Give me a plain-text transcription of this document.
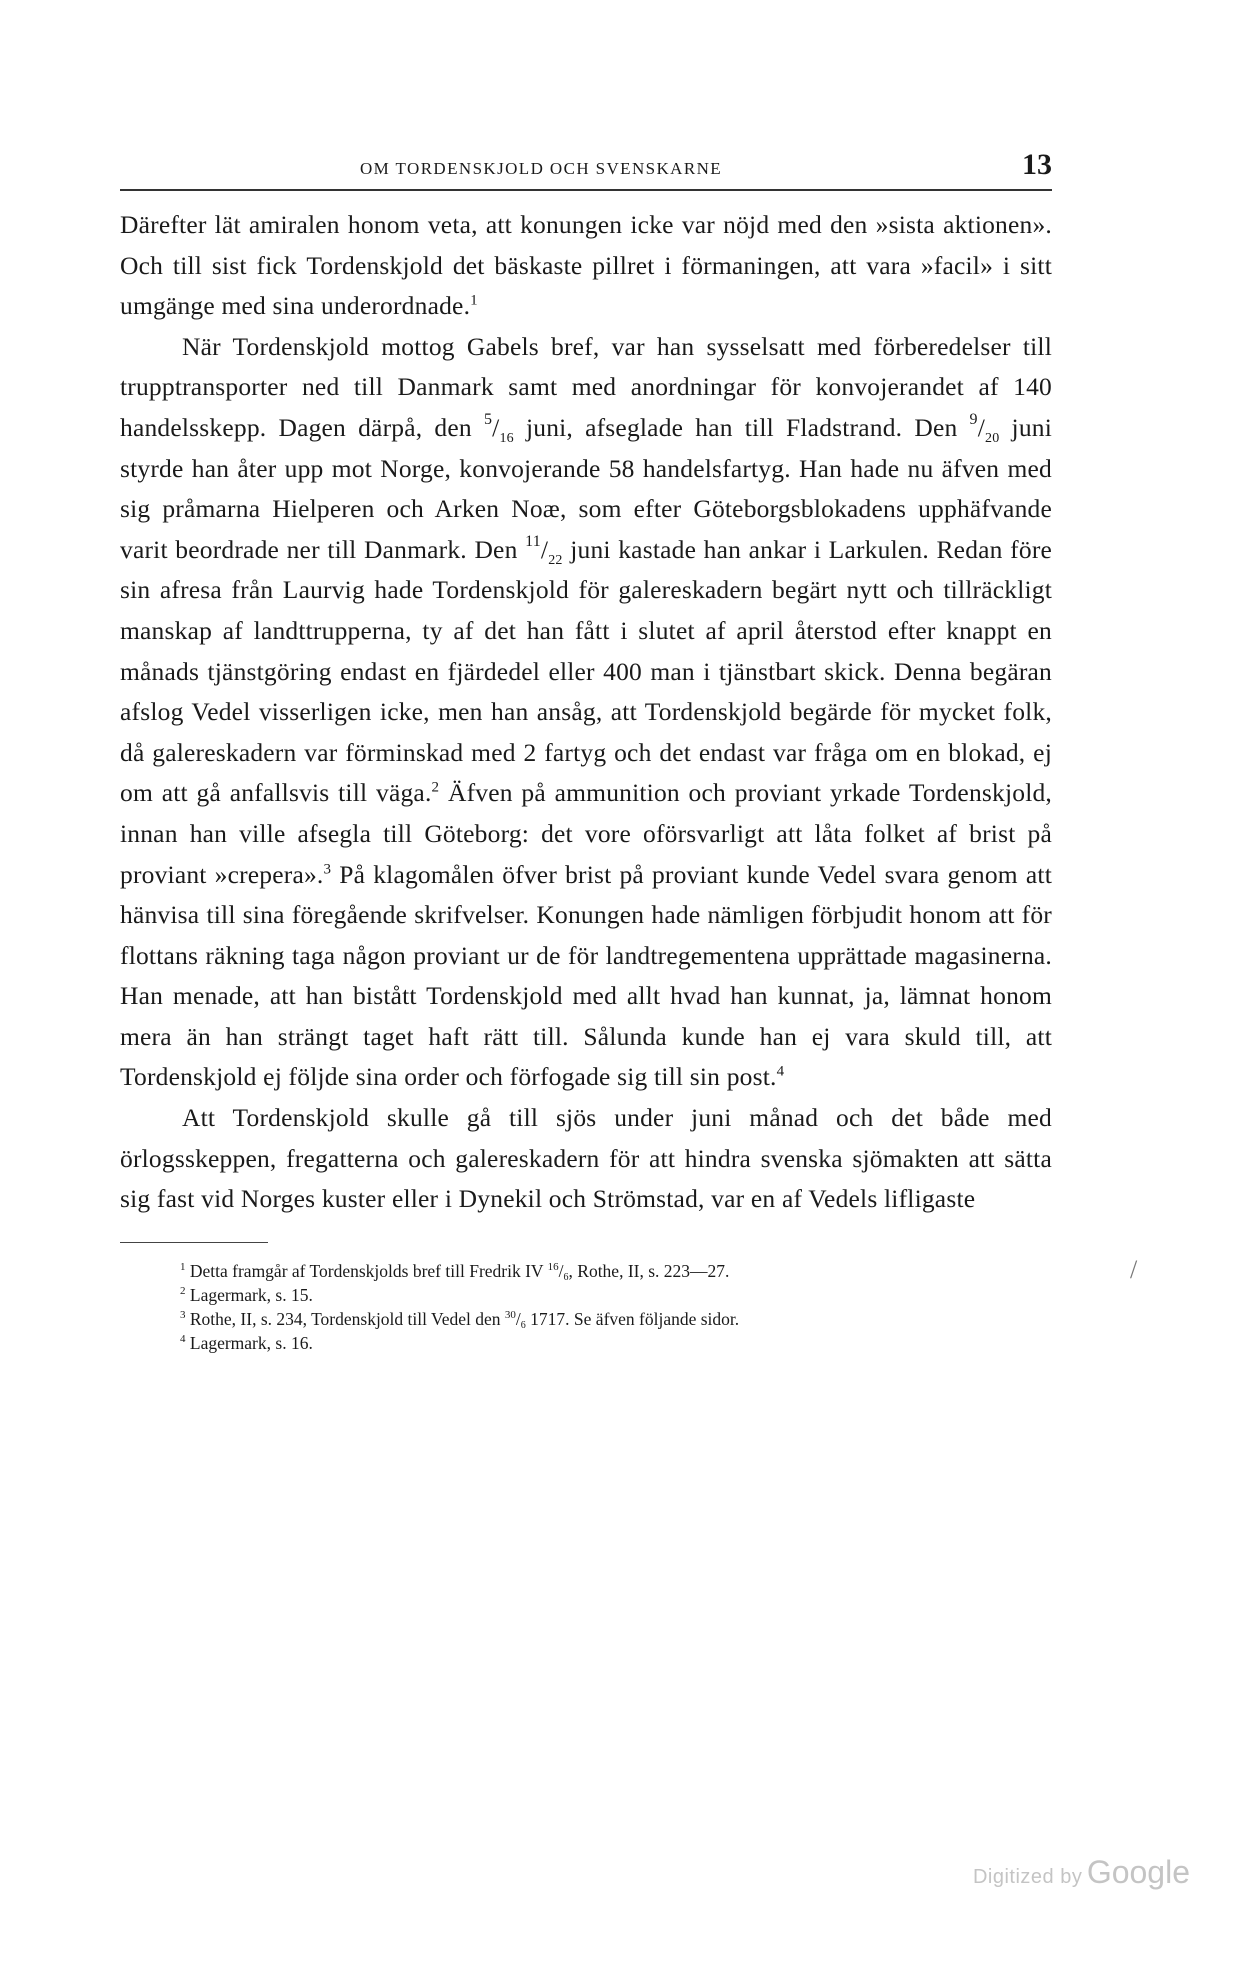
OM TORDENSKJOLD OCH SVENSKARNE	13

Därefter lät amiralen honom veta, att konungen icke var nöjd med den »sista aktionen». Och till sist fick Tordenskjold det bäskaste pillret i förmaningen, att vara »facil» i sitt umgänge med sina underordnade.$^1$

När Tordenskjold mottog Gabels bref, var han sysselsatt med förberedelser till trupptransporter ned till Danmark samt med anordningar för konvojerandet af 140 handelsskepp. Dagen därpå, den $^5/_{16}$ juni, afseglade han till Fladstrand. Den $^9/_{20}$ juni styrde han åter upp mot Norge, konvojerande 58 handelsfartyg. Han hade nu äfven med sig pråmarna Hielperen och Arken Noæ, som efter Göteborgsblokadens upphäfvande varit beordrade ner till Danmark. Den $^{11}/_{22}$ juni kastade han ankar i Larkulen. Redan före sin afresa från Laurvig hade Tordenskjold för galereskadern begärt nytt och tillräckligt manskap af landttrupperna, ty af det han fått i slutet af april återstod efter knappt en månads tjänstgöring endast en fjärdedel eller 400 man i tjänstbart skick. Denna begäran afslog Vedel visserligen icke, men han ansåg, att Tordenskjold begärde för mycket folk, då galereskadern var förminskad med 2 fartyg och det endast var fråga om en blokad, ej om att gå anfallsvis till väga.$^2$ Äfven på ammunition och proviant yrkade Tordenskjold, innan han ville afsegla till Göteborg: det vore oförsvarligt att låta folket af brist på proviant »crepera».$^3$ På klagomålen öfver brist på proviant kunde Vedel svara genom att hänvisa till sina föregående skrifvelser. Konungen hade nämligen förbjudit honom att för flottans räkning taga någon proviant ur de för landtregementena upprättade magasinerna. Han menade, att han bistått Tordenskjold med allt hvad han kunnat, ja, lämnat honom mera än han strängt taget haft rätt till. Sålunda kunde han ej vara skuld till, att Tordenskjold ej följde sina order och förfogade sig till sin post.$^4$

Att Tordenskjold skulle gå till sjös under juni månad och det både med örlogsskeppen, fregatterna och galereskadern för att hindra svenska sjömakten att sätta sig fast vid Norges kuster eller i Dynekil och Strömstad, var en af Vedels lifligaste

$^1$ Detta framgår af Tordenskjolds bref till Fredrik IV $^{16}/_6$, Rothe, II, s. 223—27.

$^2$ Lagermark, s. 15.

$^3$ Rothe, II, s. 234, Tordenskjold till Vedel den $^{30}/_6$ 1717. Se äfven följande sidor.

$^4$ Lagermark, s. 16.

/
Digitized by Google
